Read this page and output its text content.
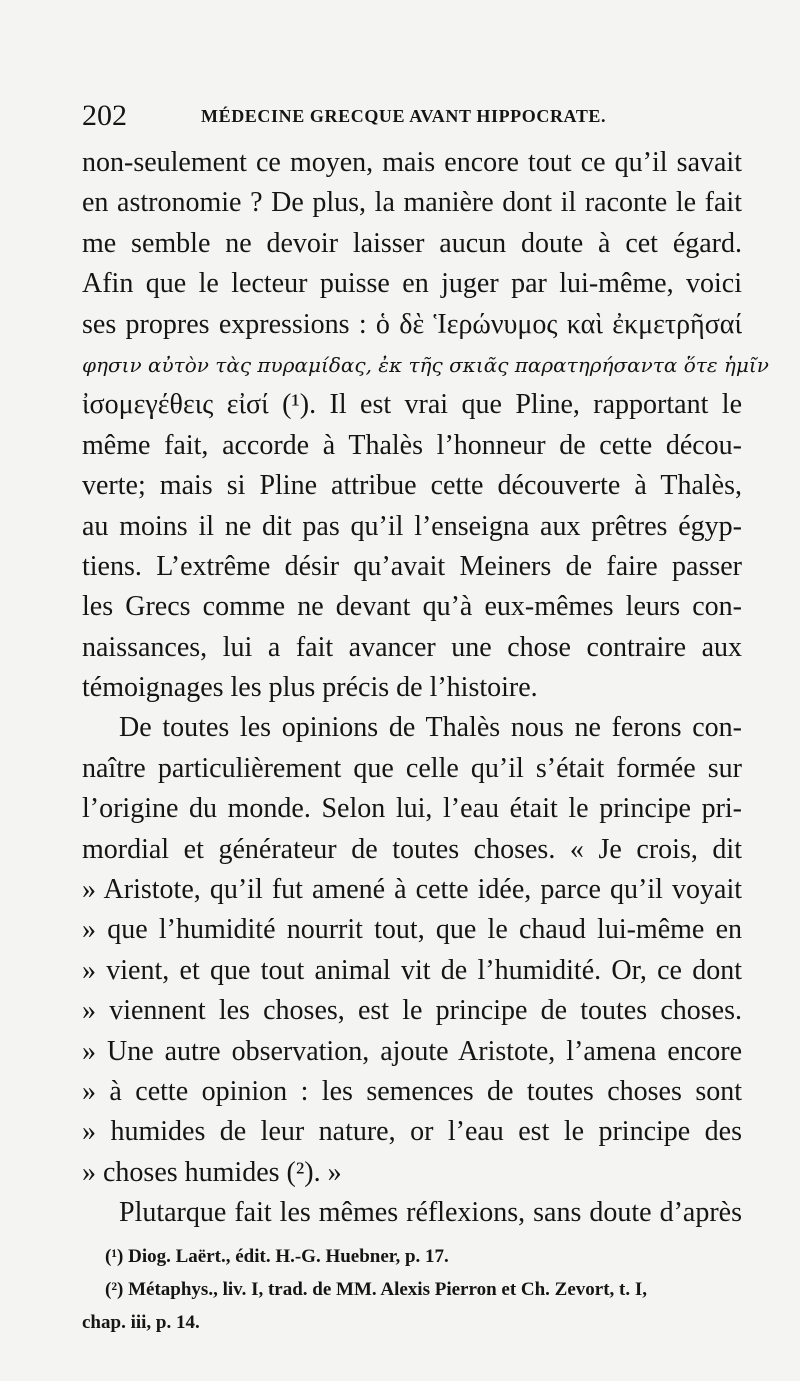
202	MÉDECINE GRECQUE AVANT HIPPOCRATE.
non-seulement ce moyen, mais encore tout ce qu’il savait
en astronomie ? De plus, la manière dont il raconte le fait
me semble ne devoir laisser aucun doute à cet égard.
Afin que le lecteur puisse en juger par lui-même, voici
ses propres expressions : ὁ δὲ Ἱερώνυμος καὶ ἐκμετρῆσαί
φησιν αὐτὸν τὰς πυραμίδας, ἐκ τῆς σκιᾶς παρατηρήσαντα ὅτε ἡμῖν
ἰσομεγέθεις εἰσί (¹). Il est vrai que Pline, rapportant le
même fait, accorde à Thalès l’honneur de cette décou-
verte; mais si Pline attribue cette découverte à Thalès,
au moins il ne dit pas qu’il l’enseigna aux prêtres égyp-
tiens. L’extrême désir qu’avait Meiners de faire passer
les Grecs comme ne devant qu’à eux-mêmes leurs con-
naissances, lui a fait avancer une chose contraire aux
témoignages les plus précis de l’histoire.
De toutes les opinions de Thalès nous ne ferons con-
naître particulièrement que celle qu’il s’était formée sur
l’origine du monde. Selon lui, l’eau était le principe pri-
mordial et générateur de toutes choses. « Je crois, dit
» Aristote, qu’il fut amené à cette idée, parce qu’il voyait
» que l’humidité nourrit tout, que le chaud lui-même en
» vient, et que tout animal vit de l’humidité. Or, ce dont
» viennent les choses, est le principe de toutes choses.
» Une autre observation, ajoute Aristote, l’amena encore
» à cette opinion : les semences de toutes choses sont
» humides de leur nature, or l’eau est le principe des
» choses humides (²). »
Plutarque fait les mêmes réflexions, sans doute d’après
(¹) Diog. Laërt., édit. H.-G. Huebner, p. 17.
(²) Métaphys., liv. I, trad. de MM. Alexis Pierron et Ch. Zevort, t. I,
chap. iii, p. 14.
